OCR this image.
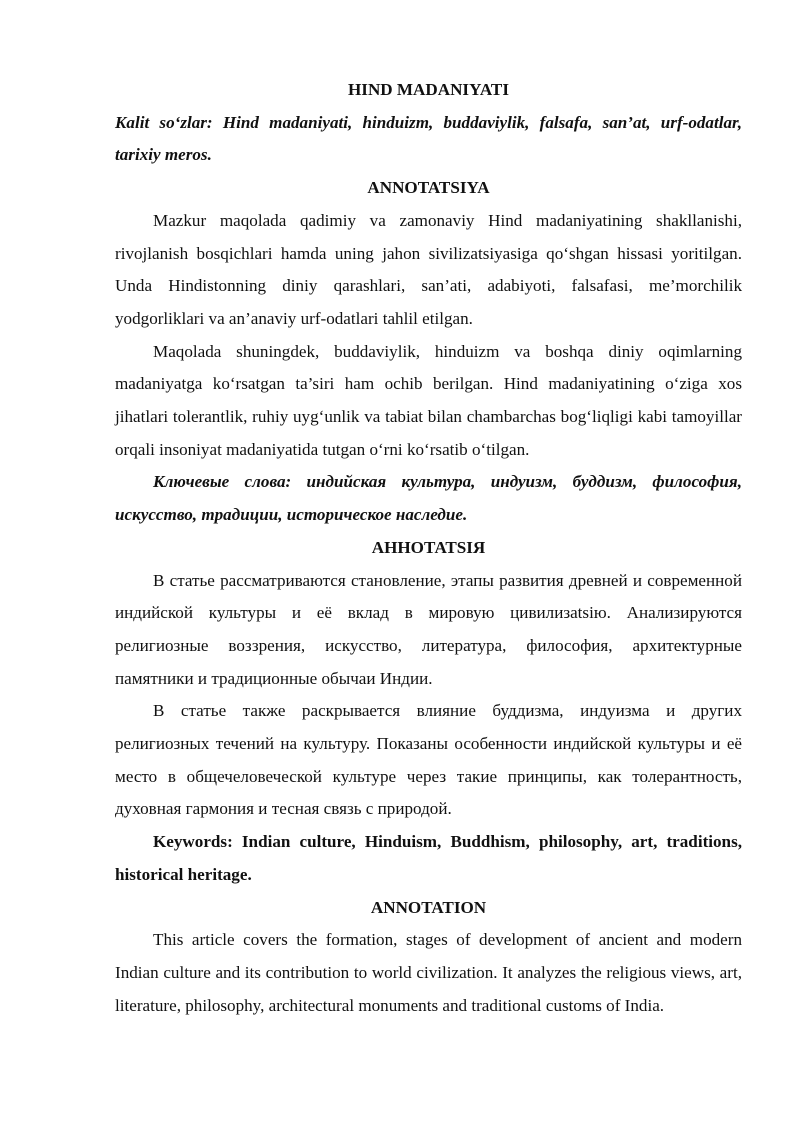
HIND MADANIYATI

Kalit so‘zlar: Hind madaniyati, hinduizm, buddaviylik, falsafa, san’at, urf-odatlar, tarixiy meros.

ANNOTATSIYA

Mazkur maqolada qadimiy va zamonaviy Hind madaniyatining shakllanishi, rivojlanish bosqichlari hamda uning jahon sivilizatsiyasiga qo‘shgan hissasi yoritilgan. Unda Hindistonning diniy qarashlari, san’ati, adabiyoti, falsafasi, me’morchilik yodgorliklari va an’anaviy urf-odatlari tahlil etilgan.

Maqolada shuningdek, buddaviylik, hinduizm va boshqa diniy oqimlarning madaniyatga ko‘rsatgan ta’siri ham ochib berilgan. Hind madaniyatining o‘ziga xos jihatlari tolerantlik, ruhiy uyg‘unlik va tabiat bilan chambarchas bog‘liqligi kabi tamoyillar orqali insoniyat madaniyatida tutgan o‘rni ko‘rsatib o‘tilgan.

Ключевые слова: индийская культура, индуизм, буддизм, философия, искусство, традиции, историческое наследие.

АННОТАТSIЯ

В статье рассматриваются становление, этапы развития древней и современной индийской культуры и её вклад в мировую цивилизatsiю. Анализируются религиозные воззрения, искусство, литература, философия, архитектурные памятники и традиционные обычаи Индии.

В статье также раскрывается влияние буддизма, индуизма и других религиозных течений на культуру. Показаны особенности индийской культуры и её место в общечеловеческой культуре через такие принципы, как толерантность, духовная гармония и тесная связь с природой.

Keywords: Indian culture, Hinduism, Buddhism, philosophy, art, traditions, historical heritage.

ANNOTATION

This article covers the formation, stages of development of ancient and modern Indian culture and its contribution to world civilization. It analyzes the religious views, art, literature, philosophy, architectural monuments and traditional customs of India.
